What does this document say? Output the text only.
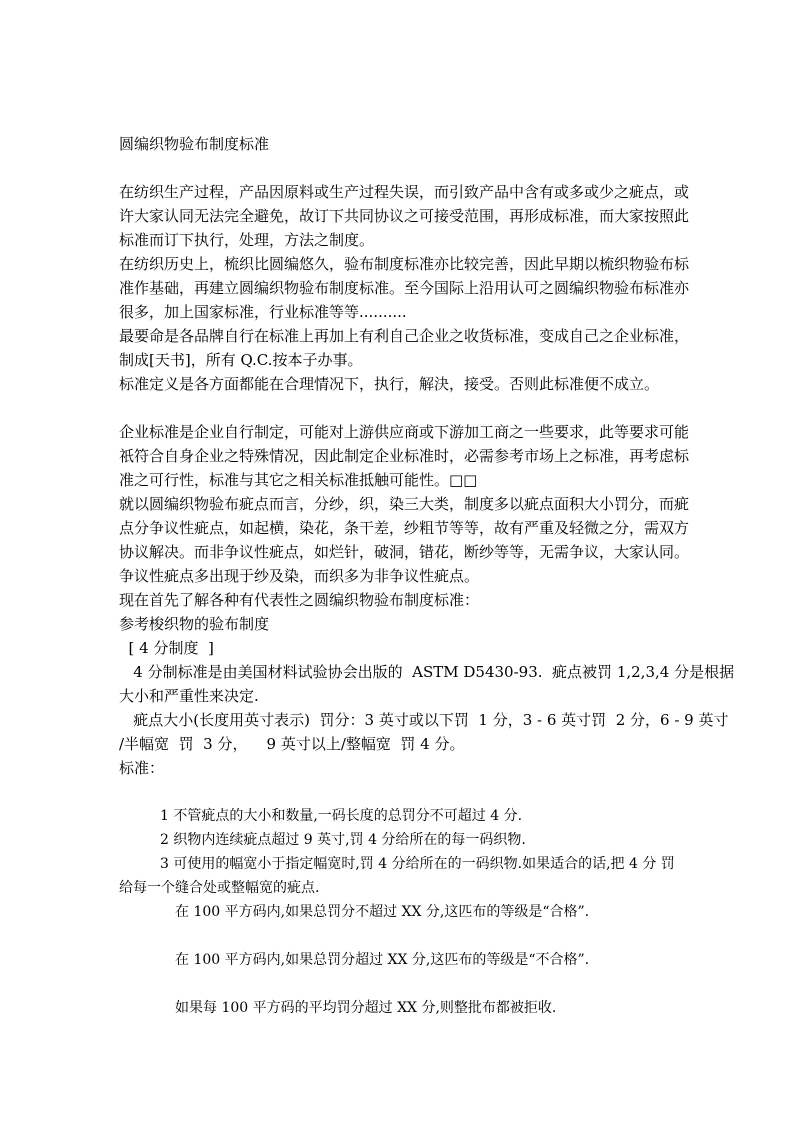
圆编织物验布制度标准
在纺织生产过程，产品因原料或生产过程失误，而引致产品中含有或多或少之疵点，或
许大家认同无法完全避免，故订下共同协议之可接受范围，再形成标准，而大家按照此
标准而订下执行，处理，方法之制度。
在纺织历史上，梳织比圆编悠久，验布制度标准亦比较完善，因此早期以梳织物验布标
准作基础，再建立圆编织物验布制度标准。至今国际上沿用认可之圆编织物验布标准亦
很多，加上国家标准，行业标准等等..........
最要命是各品牌自行在标准上再加上有利自己企业之收货标准，变成自己之企业标准，
制成[天书]，所有 Q.C.按本子办事。
标准定义是各方面都能在合理情况下，执行，解決，接受。否则此标准便不成立。
企业标准是企业自行制定，可能对上游供应商或下游加工商之一些要求，此等要求可能
祇符合自身企业之特殊情况，因此制定企业标准时，必需参考市场上之标准，再考虑标
准之可行性，标准与其它之相关标准抵触可能性。□□
就以圆编织物验布疵点而言，分纱，织，染三大类，制度多以疵点面积大小罚分，而疵
点分争议性疵点，如起横，染花，条干差，纱粗节等等，故有严重及轻微之分，需双方
协议解决。而非争议性疵点，如烂针，破洞，错花，断纱等等，无需争议，大家认同。
争议性疵点多出现于纱及染，而织多为非争议性疵点。
现在首先了解各种有代表性之圆编织物验布制度标准：
参考梭织物的验布制度
[ 4 分制度  ]
4 分制标准是由美国材料试验协会出版的  ASTM D5430-93.  疵点被罚 1,2,3,4 分是根据
大小和严重性来决定.
疵点大小(长度用英寸表示)  罚分：3 英寸或以下罚  1 分，3 - 6 英寸罚  2 分，6 - 9 英寸
/半幅宽  罚  3 分，    9 英寸以上/整幅宽  罚 4 分。
标准：
1 不管疵点的大小和数量,一码长度的总罚分不可超过 4 分.
2 织物内连续疵点超过 9 英寸,罚 4 分给所在的每一码织物.
3 可使用的幅宽小于指定幅宽时,罚 4 分给所在的一码织物.如果适合的话,把 4 分 罚
给每一个缝合处或整幅宽的疵点.
在 100 平方码内,如果总罚分不超过 XX 分,这匹布的等级是“合格”.
在 100 平方码内,如果总罚分超过 XX 分,这匹布的等级是“不合格”.
如果每 100 平方码的平均罚分超过 XX 分,则整批布都被拒收.
